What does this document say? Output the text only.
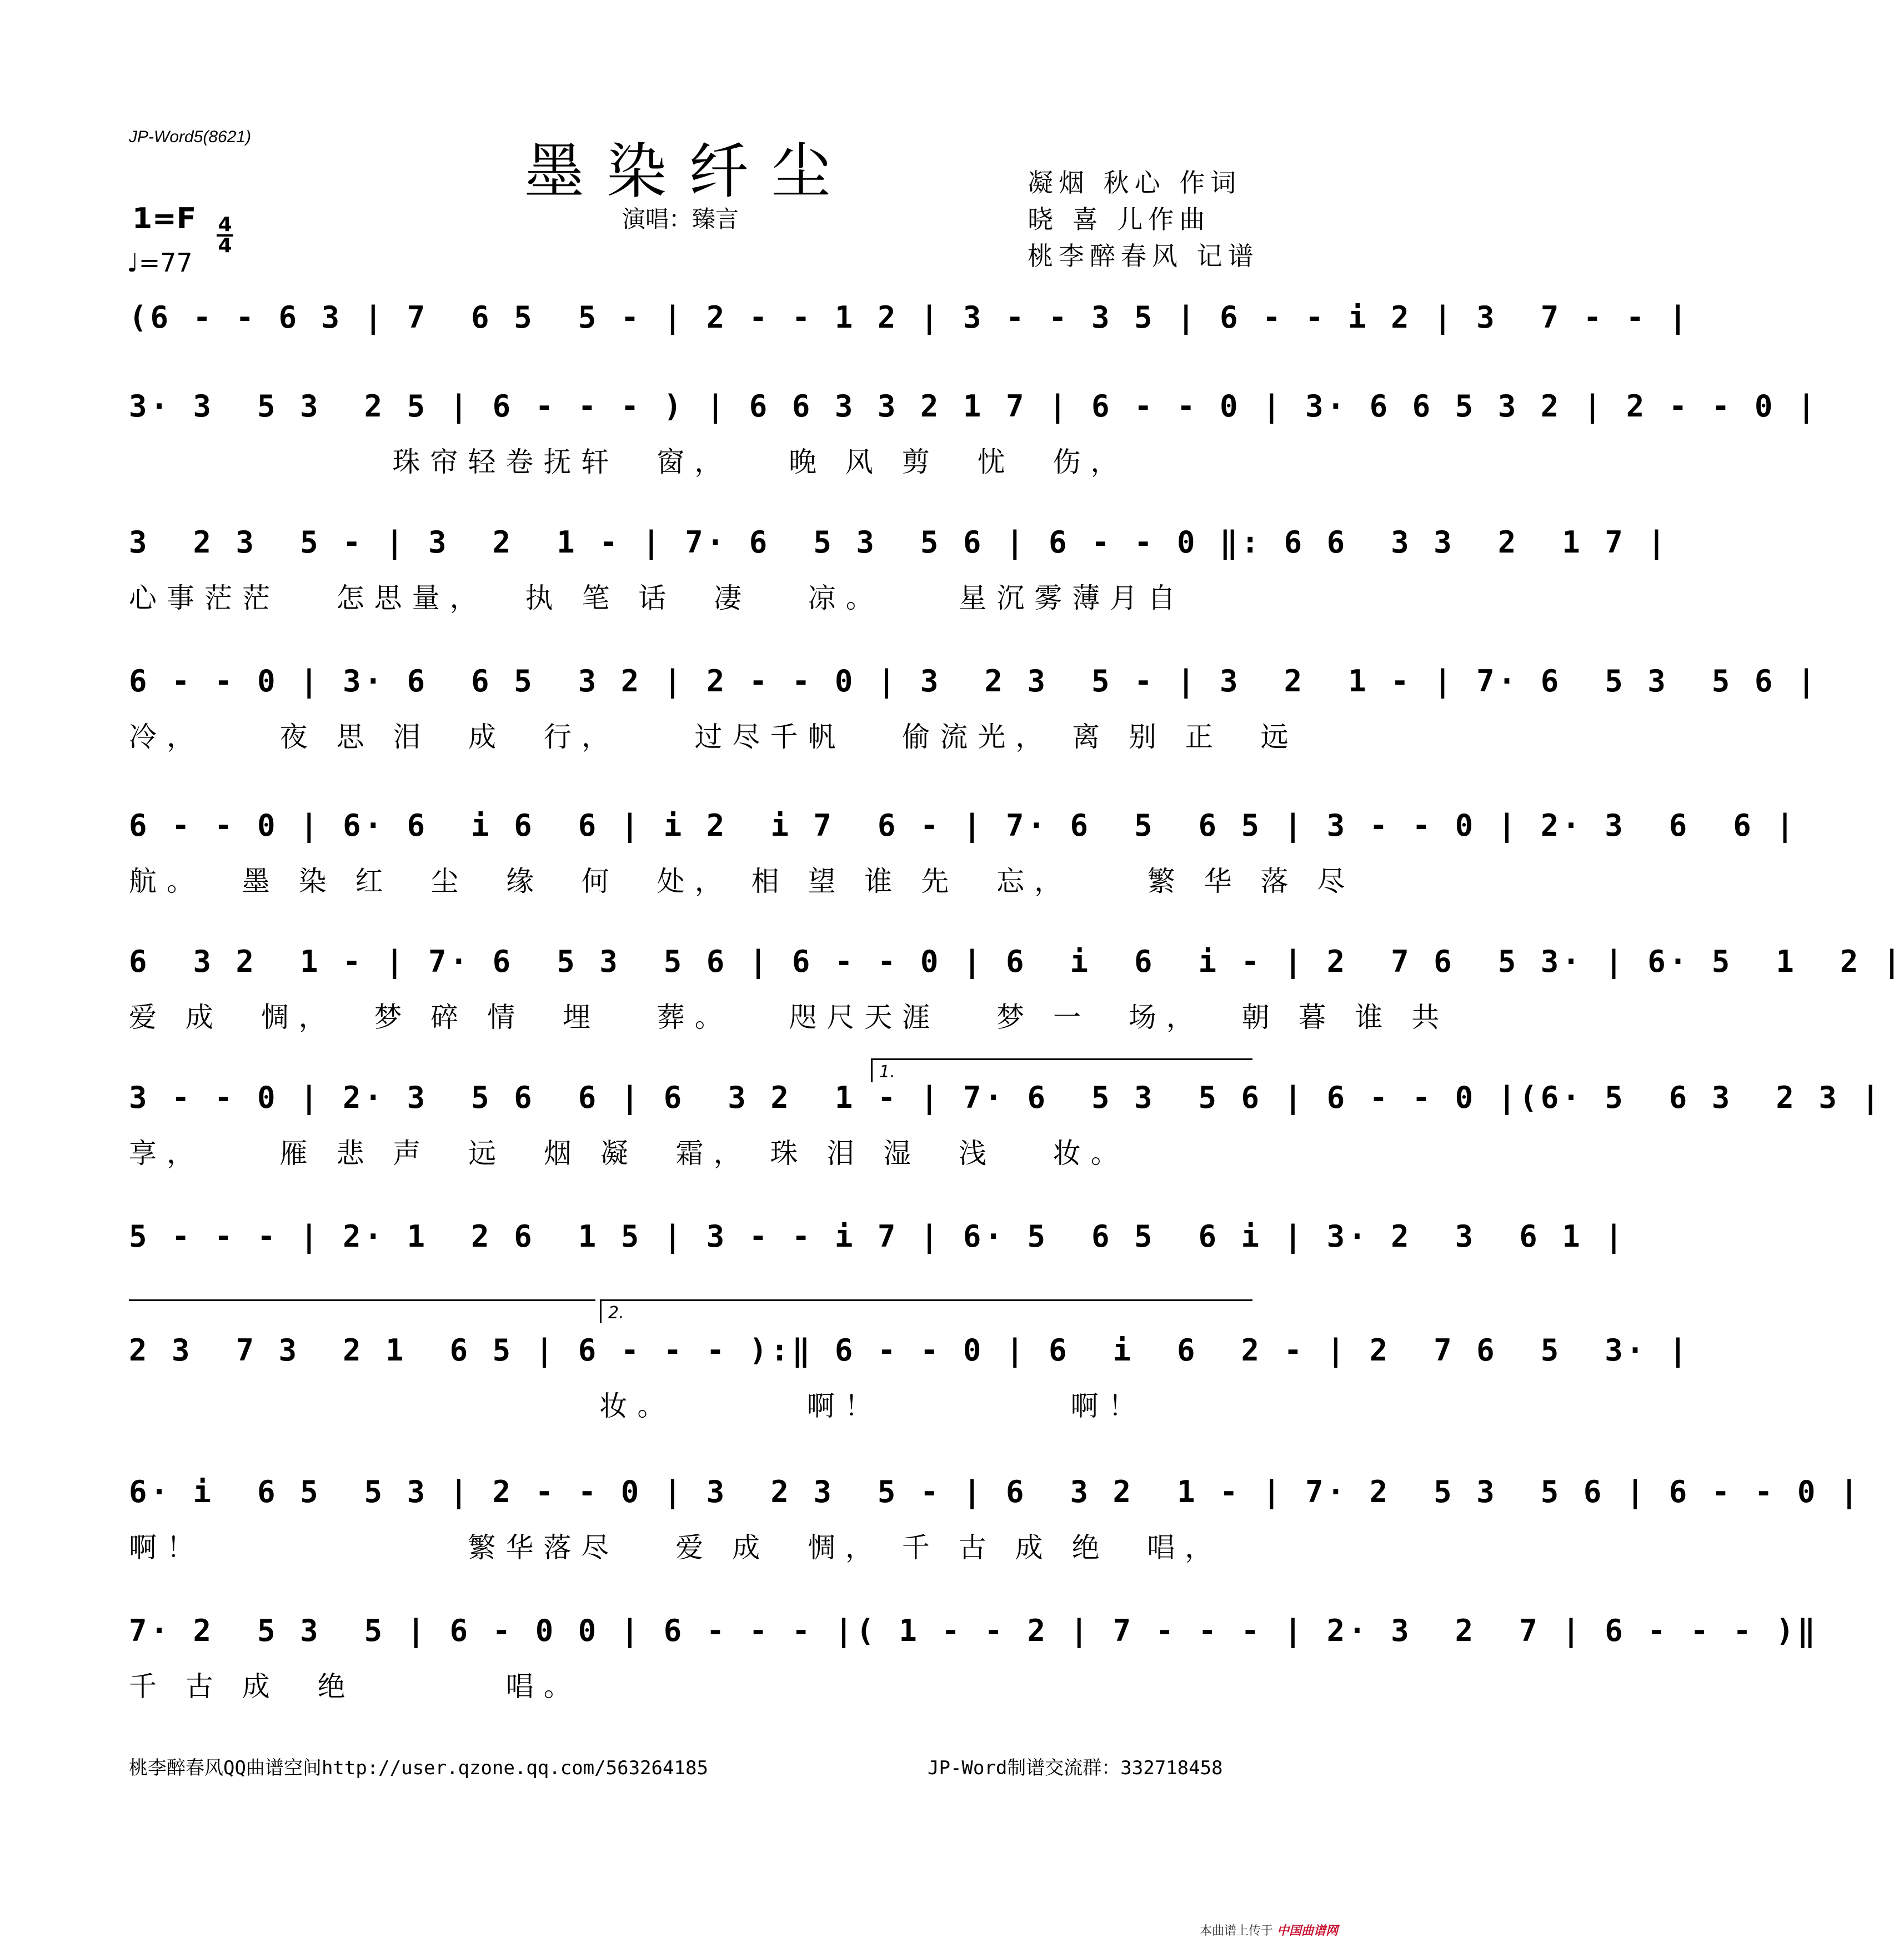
JP-Word5(8621)
墨染纤尘
演唱：臻言
凝烟 秋心 作词
晓 喜 儿作曲
桃李醉春风 记谱
1=F 4
4
♩=77
(6 - - 6 3 | 7  6 5  5 - | 2 - - 1 2 | 3 - - 3 5 | 6 - - i 2 | 3  7 - - |
3· 3  5 3  2 5 | 6 - - - ) | 6 6 3 3 2 1 7 | 6 - - 0 | 3· 6 6 5 3 2 | 2 - - 0 |
珠帘轻卷抚轩  窗，   晚 风 剪  忧  伤，
3  2 3  5 - | 3  2  1 - | 7· 6  5 3  5 6 | 6 - - 0 ‖: 6 6  3 3  2  1 7 |
心事茫茫   怎思量，  执 笔 话  凄   凉。    星沉雾薄月自
6 - - 0 | 3· 6  6 5  3 2 | 2 - - 0 | 3  2 3  5 - | 3  2  1 - | 7· 6  5 3  5 6 |
冷，    夜 思 泪  成  行，    过尽千帆   偷流光， 离 别 正  远
6 - - 0 | 6· 6  i 6  6 | i 2  i 7  6 - | 7· 6  5  6 5 | 3 - - 0 | 2· 3  6  6 |
航。  墨 染 红  尘  缘  何  处， 相 望 谁 先  忘，    繁 华 落 尽
6  3 2  1 - | 7· 6  5 3  5 6 | 6 - - 0 | 6  i  6  i - | 2  7 6  5 3· | 6· 5  1  2 |
爱 成  惆，  梦 碎 情  埋   葬。   咫尺天涯   梦 一  场，  朝 暮 谁 共
3 - - 0 | 2· 3  5 6  6 | 6  3 2  1 - | 7· 6  5 3  5 6 | 6 - - 0 |(6· 5  6 3  2 3 |
享，    雁 悲 声  远  烟 凝  霜， 珠 泪 湿  浅   妆。
5 - - - | 2· 1  2 6  1 5 | 3 - - i 7 | 6· 5  6 5  6 i | 3· 2  3  6 1 |
2 3  7 3  2 1  6 5 | 6 - - - ):‖ 6 - - 0 | 6  i  6  2 - | 2  7 6  5  3· |
妆。       啊！          啊！
6· i  6 5  5 3 | 2 - - 0 | 3  2 3  5 - | 6  3 2  1 - | 7· 2  5 3  5 6 | 6 - - 0 |
啊！              繁华落尽   爱 成  惆， 千 古 成 绝  唱，
7· 2  5 3  5 | 6 - 0 0 | 6 - - - |( 1 - - 2 | 7 - - - | 2· 3  2  7 | 6 - - - )‖
千 古 成  绝        唱。
1.
2.
桃李醉春风QQ曲谱空间http://user.qzone.qq.com/563264185	JP-Word制谱交流群：332718458
本曲谱上传于 中国曲谱网
